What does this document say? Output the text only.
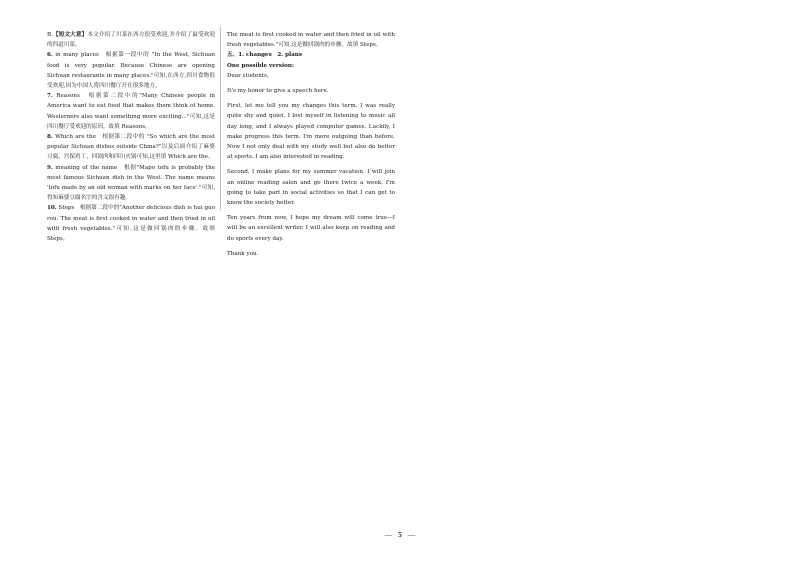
B.【短文大意】本文介绍了川菜在西方很受欢迎,并介绍了最受欢迎的四道川菜。

6. in many places　根据第一段中的 "In the West, Sichuan food is very popular. Because Chinese are opening Sichuan restaurants in many places."可知,在西方,四川食物很受欢迎,因为中国人将四川餐厅开在很多地方。

7. Reasons　根据第二段中的"Many Chinese people in America want to eat food that makes them think of home. Westerners also want something more exciting..."可知,这是四川餐厅受欢迎的原因。故填 Reasons。

8. Which are the　根据第二段中的 "So which are the most popular Sichuan dishes outside China?"以及后面介绍了麻婆豆腐、宫保鸡丁、回锅肉和四川火锅可知,这里填 Which are the。

9. meaning of the name　根据"Mapo tofu is probably the most famous Sichuan dish in the West. The name means 'tofu made by an old woman with marks on her face'."可知,得知麻婆豆腐名字的含义很有趣。

10. Steps　根据第二段中的"Another delicious dish is hui guo rou. The meat is first cooked in water and then fried in oil with fresh vegetables."可知,这是做回锅肉的步骤。故填 Steps。

The meat is first cooked in water and then fried in oil with fresh vegetables."可知,这是做回锅肉的步骤。故填 Steps。

五、1. changes　2. plans

One possible version:

Dear students,

It's my honor to give a speech here.

First, let me tell you my changes this term. I was really quite shy and quiet. I lost myself in listening to music all day long, and I always played computer games. Luckily, I make progress this term. I'm more outgoing than before. Now I not only deal with my study well but also do better at sports. I am also interested in reading.

Second, I make plans for my summer vacation. I will join an online reading salon and go there twice a week. I'm going to take part in social activities so that I can get to know the society better.

Ten years from now, I hope my dream will come true—I will be an excellent writer. I will also keep on reading and do sports every day.

Thank you.

— 5 —
